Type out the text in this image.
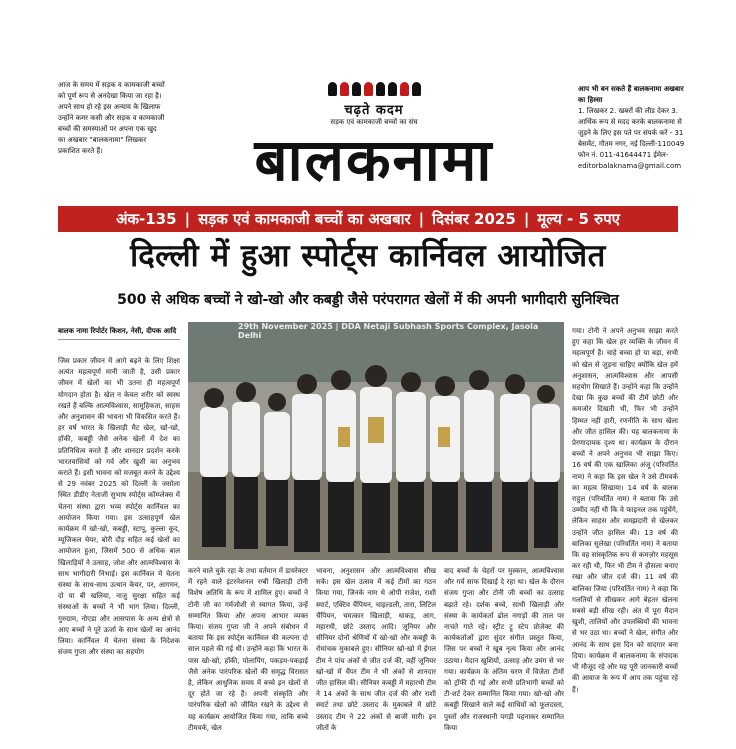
आज के समय में सड़क व कामकाजी बच्चों को पूर्ण रूप से अनदेखा किया जा रहा है। अपने साथ हो रहे इस अन्याय के खिलाफ उन्होंने कमर कसी और सड़क व कामकाजी बच्चों की समस्याओं पर अपना एक खुद का अखबार "बालकनामा" लिखकर प्रकाशित करते हैं।
चढ़ते कदम
सड़क एवं कामकाजी बच्चों का संघ
बालकनामा
आप भी बन सकते हैं बालकनामा अखबार का हिस्सा
1. लिखकर 2. खबरों की लीड देकर 3. आर्थिक रूप से मदद करके बालकनामा से जुड़ने के लिए इस पते पर संपर्क करें - 31 बेसमेंट, गौतम नगर, नई दिल्ली-110049 फोन नं. 011-41644471 ईमेल- editorbalaknama@gmail.com
अंक-135 | सड़क एवं कामकाजी बच्चों का अखबार | दिसंबर 2025 | मूल्य - 5 रुपए
दिल्ली में हुआ स्पोर्ट्स कार्निवल आयोजित
500 से अधिक बच्चों ने खो-खो और कबड्डी जैसे परंपरागत खेलों में की अपनी भागीदारी सुनिश्चित
बालक नामा रिपोर्टर किशन, नेसी, दीपक आदि
जिस प्रकार जीवन में आगे बढ़ने के लिए शिक्षा अत्यंत महत्वपूर्ण मानी जाती है, उसी प्रकार जीवन में खेलों का भी उतना ही महत्वपूर्ण योगदान होता है। खेल न केवल शरीर को स्वस्थ रखते हैं बल्कि आत्मविश्वास, सामूहिकता, साहस और अनुशासन की भावना भी विकसित करते हैं। हर वर्ष भारत के खिलाड़ी मैट खेल, खो-खो, हॉकी, कबड्डी जैसे अनेक खेलों में देश का प्रतिनिधित्व करते हैं और शानदार प्रदर्शन करके भारतवासियों को गर्व और खुशी का अनुभव कराते हैं। इसी भावना को मजबूत करने के उद्देश्य से 29 नवंबर 2025 को दिल्ली के जसोला स्थित डीडीए नेताजी सुभाष स्पोर्ट्स कॉम्प्लेक्स में चेतना संस्था द्वारा भव्य स्पोर्ट्स कार्निवल का आयोजन किया गया। इस उत्साहपूर्ण खेल कार्यक्रम में खो-खो, कबड्डी, स्टापू, कुल्ला कूद, म्यूजिकल चेयर, बोरी दौड़ सहित कई खेलों का आयोजन हुआ, जिसमें 500 से अधिक बाल खिलाड़ियों ने उत्साह, जोश और आत्मविश्वास के साथ भागीदारी निभाई। इस कार्निवल में चेतना संस्था के साथ-साथ उत्थान केयर, पर, आगमन, दो या बी खलिया, नाजु सुरक्षा सहित कई संस्थाओं के बच्चों ने भी भाग लिया। दिल्ली, गुरुग्राम, नोएडा और आसपास के अन्य क्षेत्रों से आए बच्चों ने पूरे ऊर्जा के साथ खेलों का आनंद लिया। कार्निवल में चेतना संस्था के निदेशक संजय गुप्ता और संस्था का सहयोग
29th November 2025 | DDA Netaji Subhash Sports Complex, Jasola Delhi
करने वाले चुके रहा के तथा वर्तमान में डायरेक्टर में रहने वाले इंटरनेशनल रग्बी खिलाड़ी टोनी विशेष अतिथि के रूप में शामिल हुए। बच्चों ने टोनी जी का गर्मजोशी से स्वागत किया, उन्हें सम्मानित किया और अपना आभार व्यक्त किया। संजय गुप्ता जी ने अपने संबोधन में बताया कि इस स्पोर्ट्स कार्निवल की कल्पना दो साल पहले की गई थी। उन्होंने कहा कि भारत के पास खो-खो, हॉकी, पोलापिंग, पकड़म-पकड़ाई जैसे अनेक पारंपरिक खेलों की समृद्ध विरासत है, लेकिन आधुनिक समय में बच्चे इन खेलों से दूर होते जा रहे हैं। अपनी संस्कृति और पारंपरिक खेलों को जीवित रखने के उद्देश्य से यह कार्यक्रम आयोजित किया गया, ताकि बच्चे टीमवर्क, खेल
भावना, अनुशासन और आत्मविश्वास सीख सकें। इस खेल उत्सव में कई टीमों का गठन किया गया, जिनके नाम थे ओपी राजेश, राशी स्मार्ट, एक्टिव चैंपियन, चाइल्डली, तारा, लिटिल चैंपियन, चमत्कार खिलाड़ी, धाकड़, आग, महारथी, छोटे उस्ताद आदि। जूनियर और सीनियर दोनों श्रेणियों में खो-खो और कबड्डी के रोमांचक मुकाबले हुए। सीनियर खो-खो में ईगल टीम ने पांच अंकों से जीत दर्ज की, वहीं जूनियर खो-खो में चैंपर टीम ने भी अंकों से शानदार जीत हासिल की। सीनियर कबड्डी में महारथी टीम ने 14 अंकों के साथ जीत दर्ज की और राशी स्मार्ट तथा छोटे उस्ताद के मुकाबले में छोटे उस्ताद टीम ने 22 अंकों से बाजी मारी। इन जीतों के
बाद बच्चों के चेहरों पर मुस्कान, आत्मविश्वास और गर्व साफ दिखाई दे रहा था। खेल के दौरान संजय गुप्ता और टोनी जी बच्चों का उत्साह बढ़ाते रहे। दर्शक बच्चे, साथी खिलाड़ी और संस्था के कार्यकर्ता ढोल नगाड़ों की ताल पर नाचते गाते रहे। स्ट्रीट ट्रू स्टेप प्रोजेक्ट की कार्यकर्ताओं द्वारा सुंदर संगीत प्रस्तुत किया, जिस पर बच्चों ने खूब नृत्य किया और आनंद उठाया। मैदान खुशियों, उत्साह और उमंग से भर गया। कार्यक्रम के अंतिम चरण में विजेता टीमों को ट्रॉफी दी गई और सभी प्रतिभागी बच्चों को टी-शर्ट देकर सम्मानित किया गया। खो-खो और कबड्डी सिखाने वाले कई साथियों को फूलदस्ता, पुस्तों और राजस्थानी पगड़ी पहनाकर सम्मानित किया
गया। टोनी ने अपने अनुभव साझा करते हुए कहा कि खेल हर व्यक्ति के जीवन में महत्वपूर्ण हैं। चाहे बच्चा हो या बड़ा, सभी को खेल से जुड़ना चाहिए क्योंकि खेल हमें अनुशासन, आत्मविश्वास और आपसी सहयोग सिखाते हैं। उन्होंने कहा कि उन्होंने देखा कि कुछ बच्चों की टीमें छोटी और कमजोर दिखती थीं, फिर भी उन्होंने हिम्मत नहीं हारी, रणनीति के साथ खेला और जीत हासिल की। यह बालकनामा के प्रेरणादायक दृश्य था। कार्यक्रम के दौरान बच्चों ने अपने अनुभव भी साझा किए। 16 वर्ष की एक खालिका अंजू (परिवर्तित नाम) ने कहा कि इस खेल ने उसे टीमवर्क का महत्व सिखाया। 14 वर्ष के बालक राहुल (परिवर्तित नाम) ने बताया कि उसे उम्मीद नहीं थी कि वे फाइनल तक पहुंचेंगे, लेकिन साहस और समझदारी से खेलकर उन्होंने जीत हासिल की। 13 वर्ष की बालिका सुलेखा (परिवर्तित नाम) ने बताया कि वह सांस्कृतिक रूप से कमज़ोर महसूस कर रही थी, फिर भी टीम ने हौसला बनाए रखा और जीत दर्ज की। 11 वर्ष की बालिका जिया (परिवर्तित नाम) ने कहा कि गलतियों से सीखकर आगे बेहतर खेलना सबसे बड़ी सीख रही। अंत में पूरा मैदान खुशी, तालियों और उपलब्धियों की भावना से भर उठा था। बच्चों ने खेल, संगीत और आनंद के साथ इस दिन को यादगार बना दिया। कार्यक्रम में बालकनामा के संपादक भी मौजूद रहे और यह पूरी जानकारी बच्चों की आवाज के रूप में आप तक पहुंचा रहे हैं।
